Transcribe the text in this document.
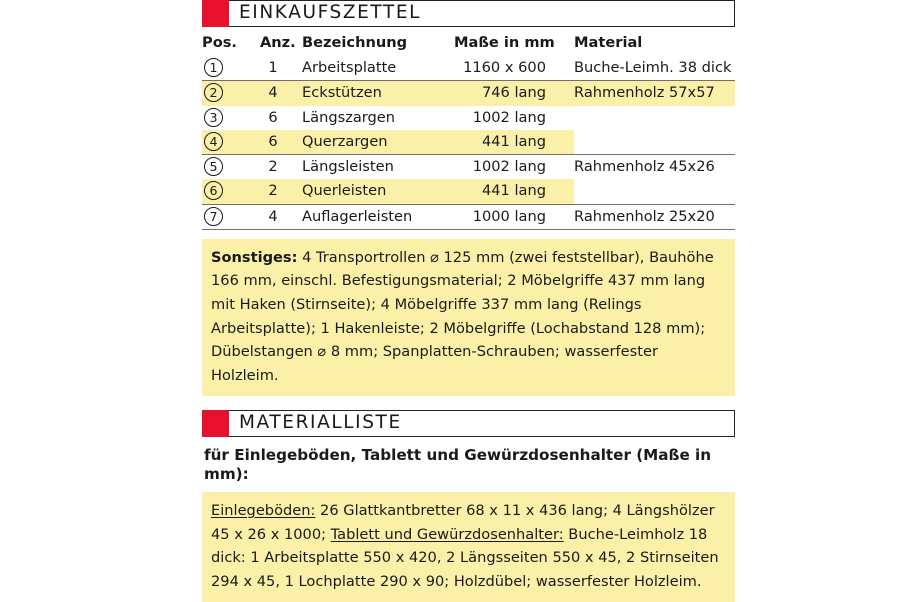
EINKAUFSZETTEL
Pos.	Anz.	Bezeichnung	Maße in mm	Material
1	1	Arbeitsplatte	1160 x 600	Buche-Leimh. 38 dick
2	4	Eckstützen	746 lang	Rahmenholz 57x57
3	6	Längszargen	1002 lang	
4	6	Querzargen	441 lang	
5	2	Längsleisten	1002 lang	Rahmenholz 45x26
6	2	Querleisten	441 lang	
7	4	Auflagerleisten	1000 lang	Rahmenholz 25x20
Sonstiges: 4 Transportrollen ⌀ 125 mm (zwei feststellbar), Bauhöhe 166 mm, einschl. Befestigungsmaterial; 2 Möbelgriffe 437 mm lang mit Haken (Stirnseite); 4 Möbelgriffe 337 mm lang (Relings Arbeitsplatte); 1 Hakenleiste; 2 Möbelgriffe (Lochabstand 128 mm); Dübelstangen ⌀ 8 mm; Spanplatten-Schrauben; wasserfester Holzleim.
MATERIALLISTE
für Einlegeböden, Tablett und Gewürzdosenhalter (Maße in mm):
Einlegeböden: 26 Glattkantbretter 68 x 11 x 436 lang; 4 Längshölzer 45 x 26 x 1000; Tablett und Gewürzdosenhalter: Buche-Leimholz 18 dick: 1 Arbeitsplatte 550 x 420, 2 Längsseiten 550 x 45, 2 Stirnseiten 294 x 45, 1 Lochplatte 290 x 90; Holzdübel; wasserfester Holzleim.
